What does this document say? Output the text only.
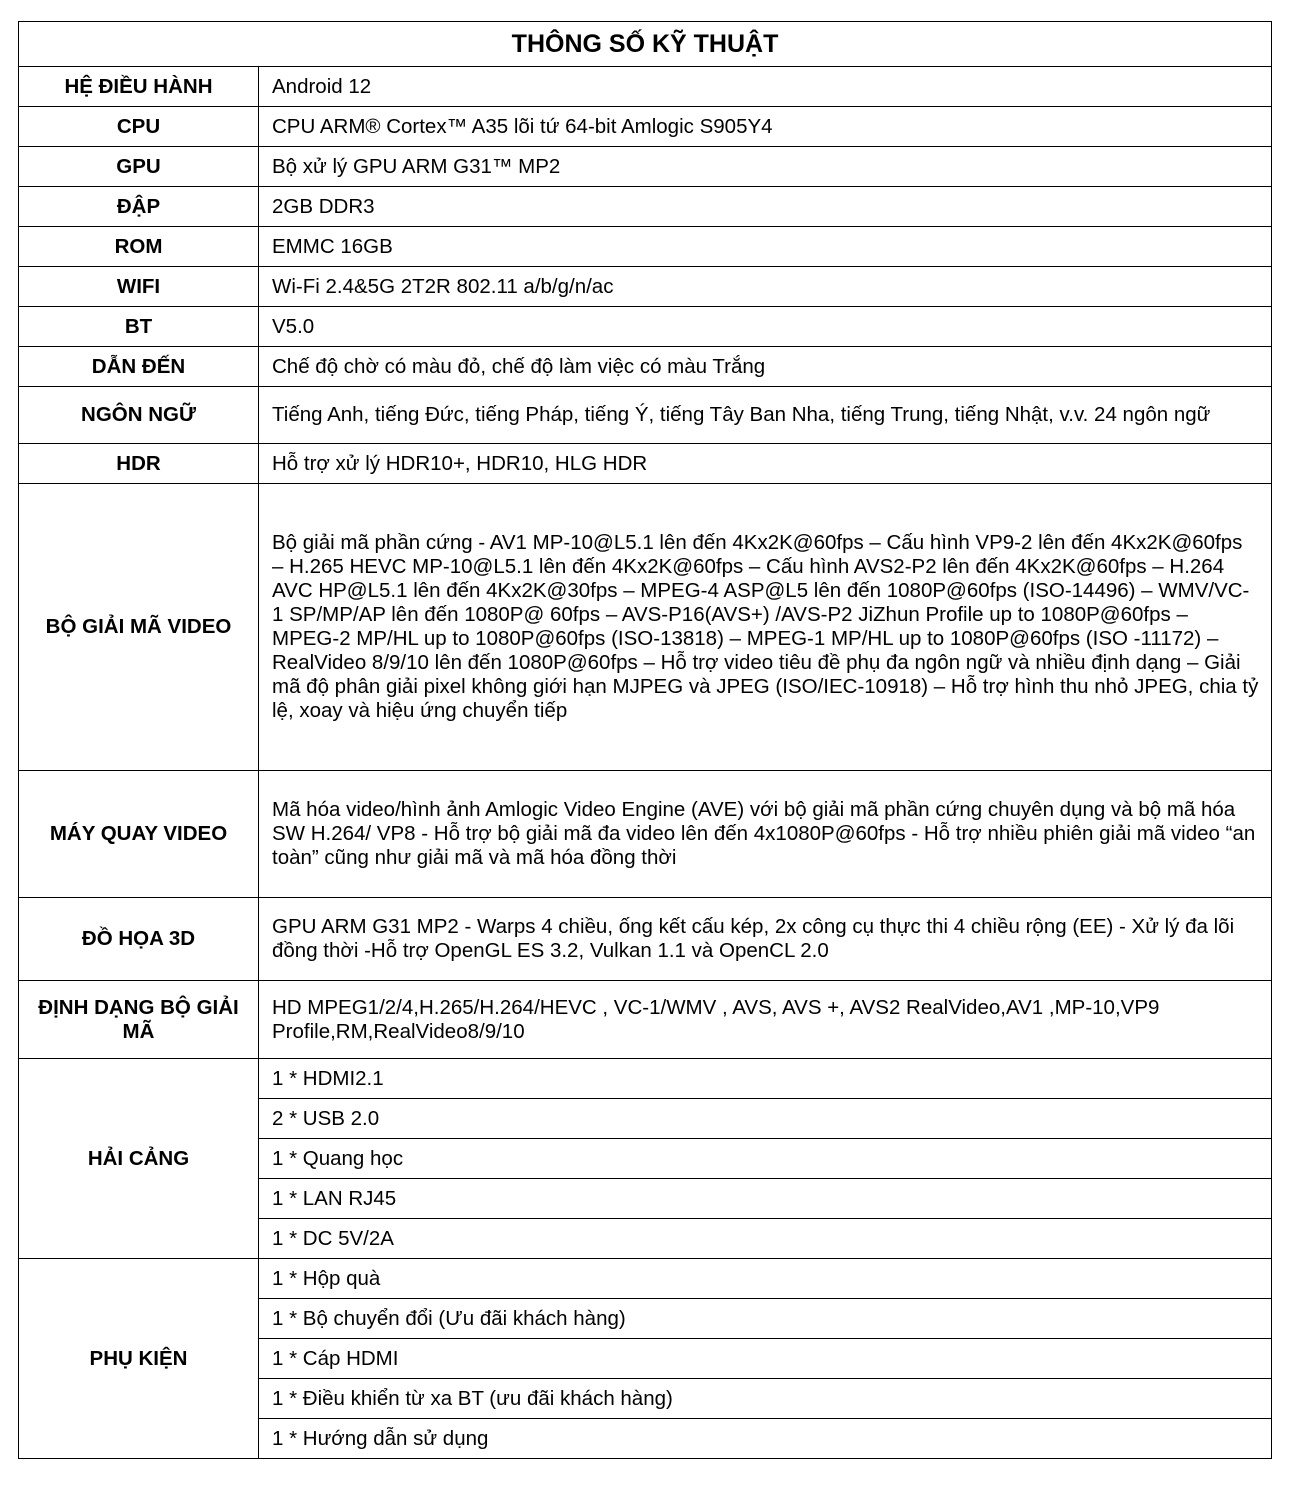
THÔNG SỐ KỸ THUẬT	
HỆ ĐIỀU HÀNH	Android 12
CPU	CPU ARM® Cortex™ A35 lõi tứ 64-bit Amlogic S905Y4
GPU	Bộ xử lý GPU ARM G31™ MP2
ĐẬP	2GB DDR3
ROM	EMMC 16GB
WIFI	Wi-Fi 2.4&5G 2T2R 802.11 a/b/g/n/ac
BT	V5.0
DẪN ĐẾN	Chế độ chờ có màu đỏ, chế độ làm việc có màu Trắng
NGÔN NGỮ	Tiếng Anh, tiếng Đức, tiếng Pháp, tiếng Ý, tiếng Tây Ban Nha, tiếng Trung, tiếng Nhật, v.v. 24 ngôn ngữ
HDR	Hỗ trợ xử lý HDR10+, HDR10, HLG HDR
BỘ GIẢI MÃ VIDEO	Bộ giải mã phần cứng - AV1 MP-10@L5.1 lên đến 4Kx2K@60fps – Cấu hình VP9-2 lên đến 4Kx2K@60fps – H.265 HEVC MP-10@L5.1 lên đến 4Kx2K@60fps – Cấu hình AVS2-P2 lên đến 4Kx2K@60fps – H.264 AVC HP@L5.1 lên đến 4Kx2K@30fps – MPEG-4 ASP@L5 lên đến 1080P@60fps (ISO-14496) – WMV/VC-1 SP/MP/AP lên đến 1080P@ 60fps – AVS-P16(AVS+) /AVS-P2 JiZhun Profile up to 1080P@60fps – MPEG-2 MP/HL up to 1080P@60fps (ISO-13818) – MPEG-1 MP/HL up to 1080P@60fps (ISO -11172) – RealVideo 8/9/10 lên đến 1080P@60fps – Hỗ trợ video tiêu đề phụ đa ngôn ngữ và nhiều định dạng – Giải mã độ phân giải pixel không giới hạn MJPEG và JPEG (ISO/IEC-10918) – Hỗ trợ hình thu nhỏ JPEG, chia tỷ lệ, xoay và hiệu ứng chuyển tiếp
MÁY QUAY VIDEO	Mã hóa video/hình ảnh Amlogic Video Engine (AVE) với bộ giải mã phần cứng chuyên dụng và bộ mã hóa SW H.264/ VP8 - Hỗ trợ bộ giải mã đa video lên đến 4x1080P@60fps - Hỗ trợ nhiều phiên giải mã video “an toàn” cũng như giải mã và mã hóa đồng thời
ĐỒ HỌA 3D	GPU ARM G31 MP2 - Warps 4 chiều, ống kết cấu kép, 2x công cụ thực thi 4 chiều rộng (EE) - Xử lý đa lõi đồng thời -Hỗ trợ OpenGL ES 3.2, Vulkan 1.1 và OpenCL 2.0
ĐỊNH DẠNG BỘ GIẢI MÃ	HD MPEG1/2/4,H.265/H.264/HEVC , VC-1/WMV , AVS, AVS +, AVS2 RealVideo,AV1 ,MP-10,VP9 Profile,RM,RealVideo8/9/10
HẢI CẢNG	1 * HDMI2.1
	2 * USB 2.0
	1 * Quang học
	1 * LAN RJ45
	1 * DC 5V/2A
PHỤ KIỆN	1 * Hộp quà
	1 * Bộ chuyển đổi (Ưu đãi khách hàng)
	1 * Cáp HDMI
	1 * Điều khiển từ xa BT (ưu đãi khách hàng)
	1 * Hướng dẫn sử dụng
